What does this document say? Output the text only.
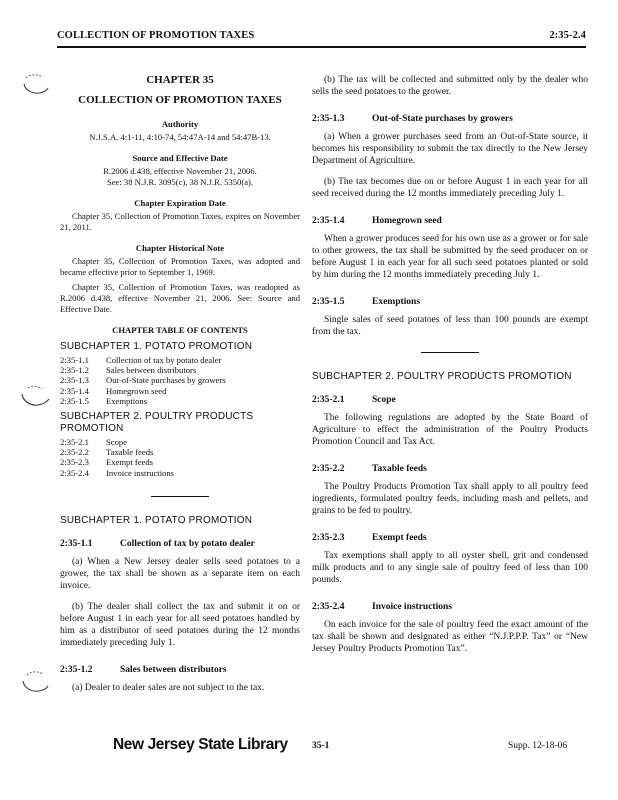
COLLECTION OF PROMOTION TAXES	2:35-2.4
CHAPTER 35
COLLECTION OF PROMOTION TAXES
Authority
N.J.S.A. 4:1-11, 4:10-74, 54:47A-14 and 54:47B-13.
Source and Effective Date
R.2006 d.438, effective November 21, 2006.
See: 38 N.J.R. 3095(c), 38 N.J.R. 5350(a).
Chapter Expiration Date
Chapter 35, Collection of Promotion Taxes, expires on November 21, 2011.
Chapter Historical Note
Chapter 35, Collection of Promotion Taxes, was adopted and became effective prior to September 1, 1969.
Chapter 35, Collection of Promotion Taxes, was readopted as R.2006 d.438, effective November 21, 2006. See: Source and Effective Date.
CHAPTER TABLE OF CONTENTS
SUBCHAPTER 1. POTATO PROMOTION
2:35-1.1	Collection of tax by potato dealer
2:35-1.2	Sales between distributors
2:35-1.3	Out-of-State purchases by growers
2:35-1.4	Homegrown seed
2:35-1.5	Exemptions
SUBCHAPTER 2. POULTRY PRODUCTS PROMOTION
2:35-2.1	Scope
2:35-2.2	Taxable feeds
2:35-2.3	Exempt feeds
2:35-2.4	Invoice instructions
SUBCHAPTER 1. POTATO PROMOTION
2:35-1.1	Collection of tax by potato dealer
(a) When a New Jersey dealer sells seed potatoes to a grower, the tax shall be shown as a separate item on each invoice.
(b) The dealer shall collect the tax and submit it on or before August 1 in each year for all seed potatoes handled by him as a distributor of seed potatoes during the 12 months immediately preceding July 1.
2:35-1.2	Sales between distributors
(a) Dealer to dealer sales are not subject to the tax.
(b) The tax will be collected and submitted only by the dealer who sells the seed potatoes to the grower.
2:35-1.3	Out-of-State purchases by growers
(a) When a grower purchases seed from an Out-of-State source, it becomes his responsibility to submit the tax directly to the New Jersey Department of Agriculture.
(b) The tax becomes due on or before August 1 in each year for all seed received during the 12 months immediately preceding July 1.
2:35-1.4	Homegrown seed
When a grower produces seed for his own use as a grower or for sale to other growers, the tax shall be submitted by the seed producer on or before August 1 in each year for all such seed potatoes planted or sold by him during the 12 months immediately preceding July 1.
2:35-1.5	Exemptions
Single sales of seed potatoes of less than 100 pounds are exempt from the tax.
SUBCHAPTER 2. POULTRY PRODUCTS PROMOTION
2:35-2.1	Scope
The following regulations are adopted by the State Board of Agriculture to effect the administration of the Poultry Products Promotion Council and Tax Act.
2:35-2.2	Taxable feeds
The Poultry Products Promotion Tax shall apply to all poultry feed ingredients, formulated poultry feeds, including mash and pellets, and grains to be fed to poultry.
2:35-2.3	Exempt feeds
Tax exemptions shall apply to all oyster shell, grit and condensed milk products and to any single sale of poultry feed of less than 100 pounds.
2:35-2.4	Invoice instructions
On each invoice for the sale of poultry feed the exact amount of the tax shall be shown and designated as either “N.J.P.P.P. Tax” or “New Jersey Poultry Products Promotion Tax”.
New Jersey State Library	35-1	Supp. 12-18-06
